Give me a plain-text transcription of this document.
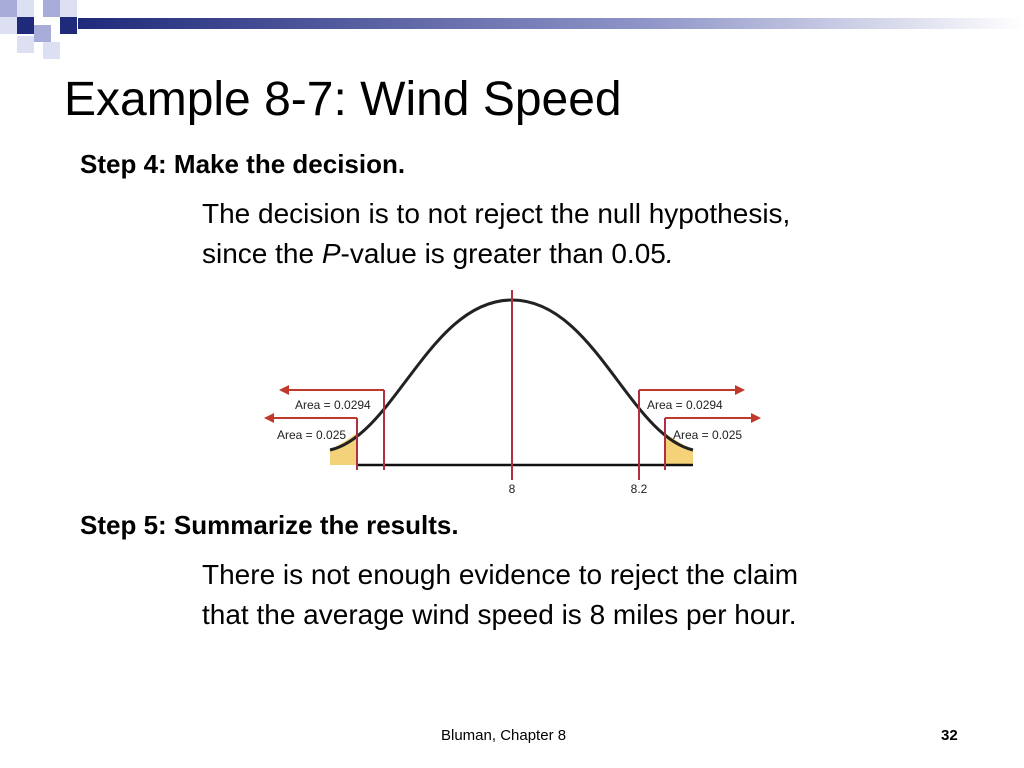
Example 8-7: Wind Speed
Step 4: Make the decision.
The decision is to not reject the null hypothesis,
since the P-value is greater than 0.05.
Area = 0.0294
Area = 0.025
Area = 0.0294
Area = 0.025
8	8.2
Step 5: Summarize the results.
There is not enough evidence to reject the claim
that the average wind speed is 8 miles per hour.
Bluman, Chapter 8	32
